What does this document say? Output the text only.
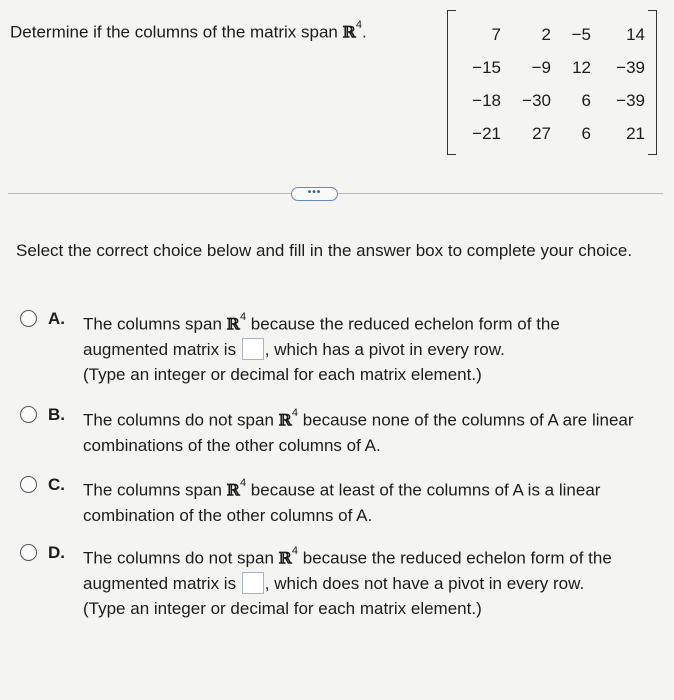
Determine if the columns of the matrix span ℝ$^4$.	7	2	−5	14
−15	−9	12	−39
−18	−30	6	−39
−21	27	6	21
•••
Select the correct choice below and fill in the answer box to complete your choice.
A. The columns span ℝ$^4$ because the reduced echelon form of the augmented matrix is , which has a pivot in every row.
(Type an integer or decimal for each matrix element.)
B. The columns do not span ℝ$^4$ because none of the columns of A are linear combinations of the other columns of A.
C. The columns span ℝ$^4$ because at least of the columns of A is a linear combination of the other columns of A.
D. The columns do not span ℝ$^4$ because the reduced echelon form of the augmented matrix is , which does not have a pivot in every row.
(Type an integer or decimal for each matrix element.)
